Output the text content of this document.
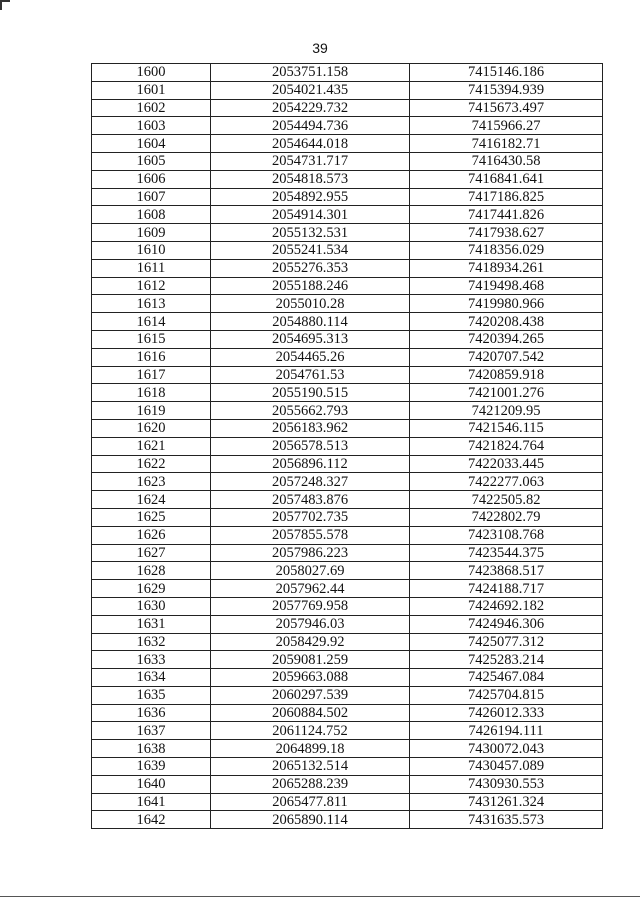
39
1600	2053751.158	7415146.186
1601	2054021.435	7415394.939
1602	2054229.732	7415673.497
1603	2054494.736	7415966.27
1604	2054644.018	7416182.71
1605	2054731.717	7416430.58
1606	2054818.573	7416841.641
1607	2054892.955	7417186.825
1608	2054914.301	7417441.826
1609	2055132.531	7417938.627
1610	2055241.534	7418356.029
1611	2055276.353	7418934.261
1612	2055188.246	7419498.468
1613	2055010.28	7419980.966
1614	2054880.114	7420208.438
1615	2054695.313	7420394.265
1616	2054465.26	7420707.542
1617	2054761.53	7420859.918
1618	2055190.515	7421001.276
1619	2055662.793	7421209.95
1620	2056183.962	7421546.115
1621	2056578.513	7421824.764
1622	2056896.112	7422033.445
1623	2057248.327	7422277.063
1624	2057483.876	7422505.82
1625	2057702.735	7422802.79
1626	2057855.578	7423108.768
1627	2057986.223	7423544.375
1628	2058027.69	7423868.517
1629	2057962.44	7424188.717
1630	2057769.958	7424692.182
1631	2057946.03	7424946.306
1632	2058429.92	7425077.312
1633	2059081.259	7425283.214
1634	2059663.088	7425467.084
1635	2060297.539	7425704.815
1636	2060884.502	7426012.333
1637	2061124.752	7426194.111
1638	2064899.18	7430072.043
1639	2065132.514	7430457.089
1640	2065288.239	7430930.553
1641	2065477.811	7431261.324
1642	2065890.114	7431635.573
